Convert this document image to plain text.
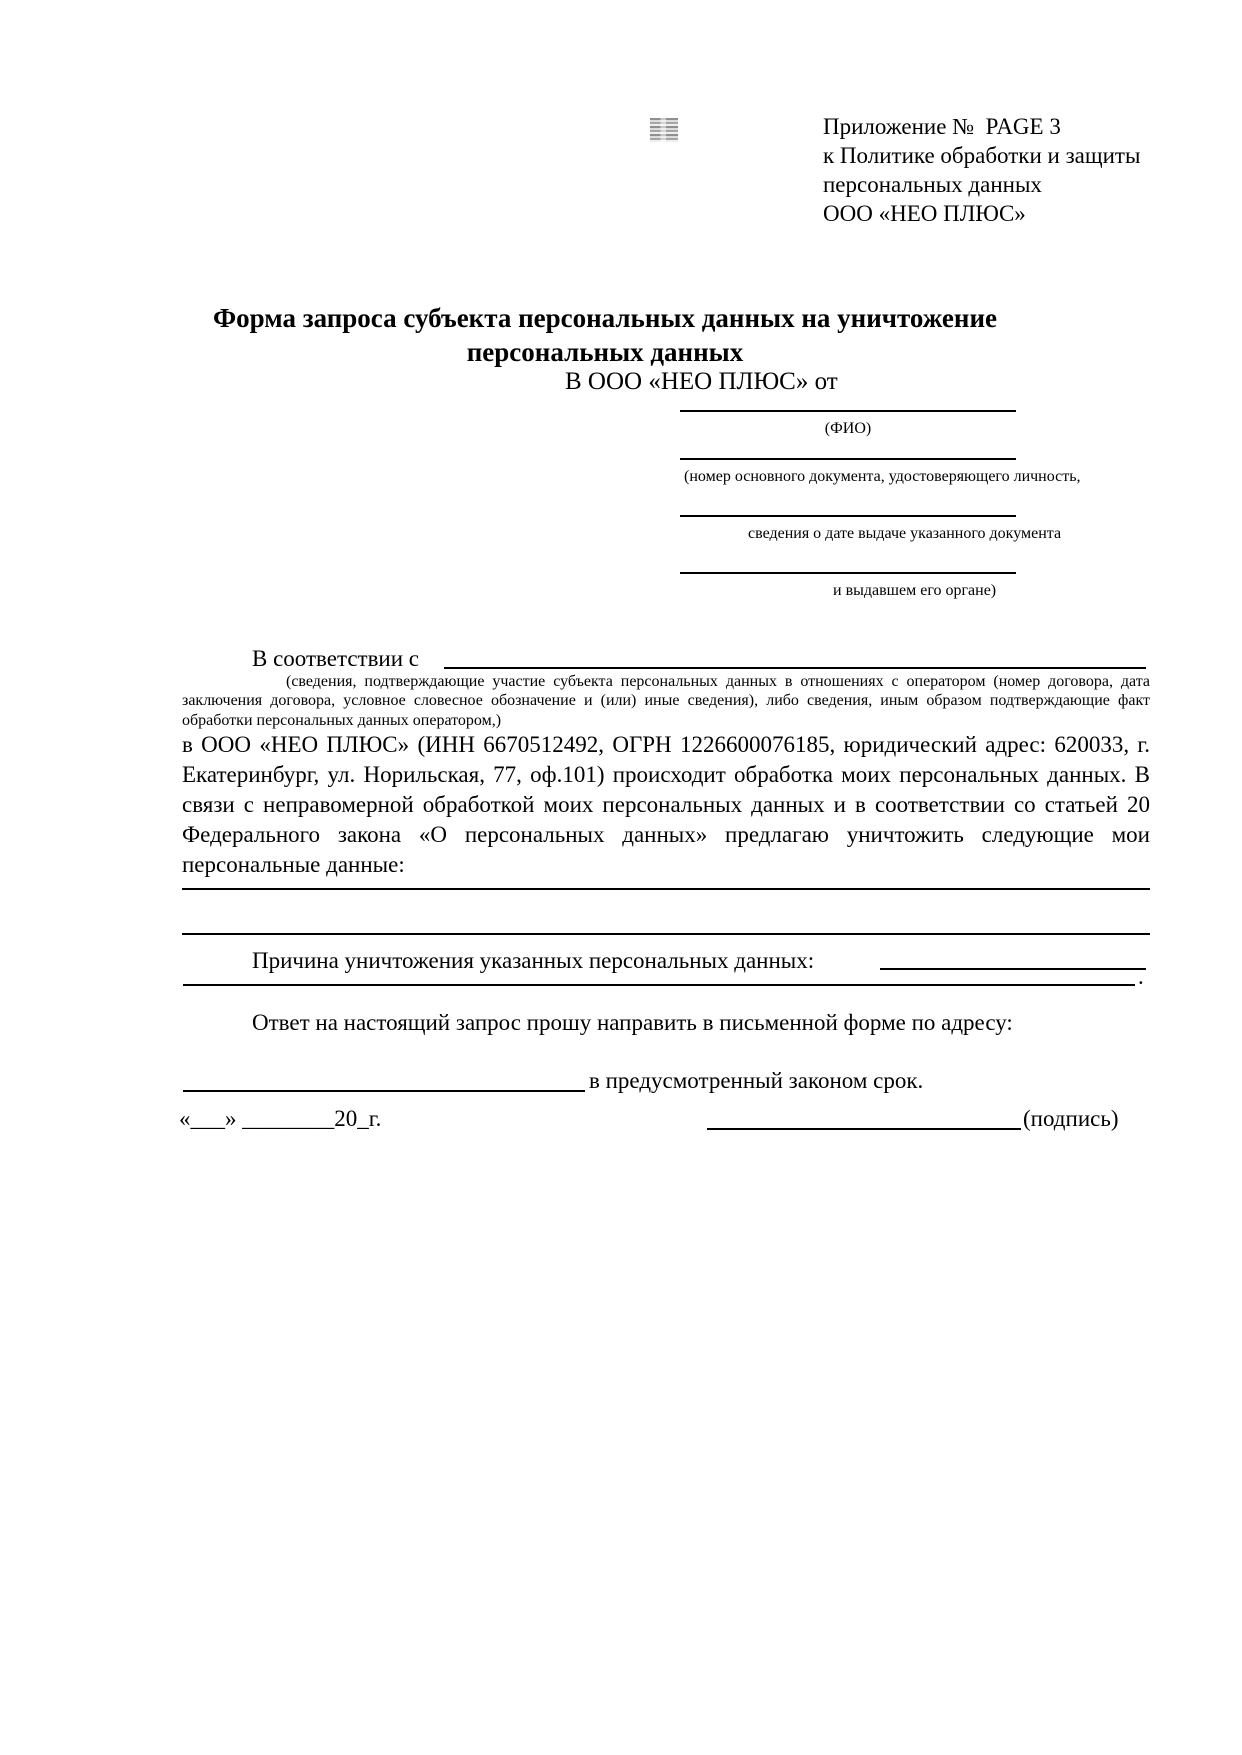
Приложение №  PAGE 3
к Политике обработки и защиты
персональных данных
ООО «НЕО ПЛЮС»
Форма запроса субъекта персональных данных на уничтожение
персональных данных
В ООО «НЕО ПЛЮС» от
(ФИО)
(номер основного документа, удостоверяющего личность,
сведения о дате выдаче указанного документа
и выдавшем его органе)
В соответствии с
(сведения, подтверждающие участие субъекта персональных данных в отношениях с оператором (номер договора, дата заключения договора, условное словесное обозначение и (или) иные сведения), либо сведения, иным образом подтверждающие факт обработки персональных данных оператором,)
в ООО «НЕО ПЛЮС» (ИНН 6670512492, ОГРН 1226600076185, юридический адрес: 620033, г. Екатеринбург, ул. Норильская, 77, оф.101) происходит обработка моих персональных данных. В связи с неправомерной обработкой моих персональных данных и в соответствии со статьей 20 Федерального закона «О персональных данных» предлагаю уничтожить следующие мои персональные данные:
Причина уничтожения указанных персональных данных:
.
Ответ на настоящий запрос прошу направить в письменной форме по адресу:
в предусмотренный законом срок.
«___» ________20_г.	(подпись)
